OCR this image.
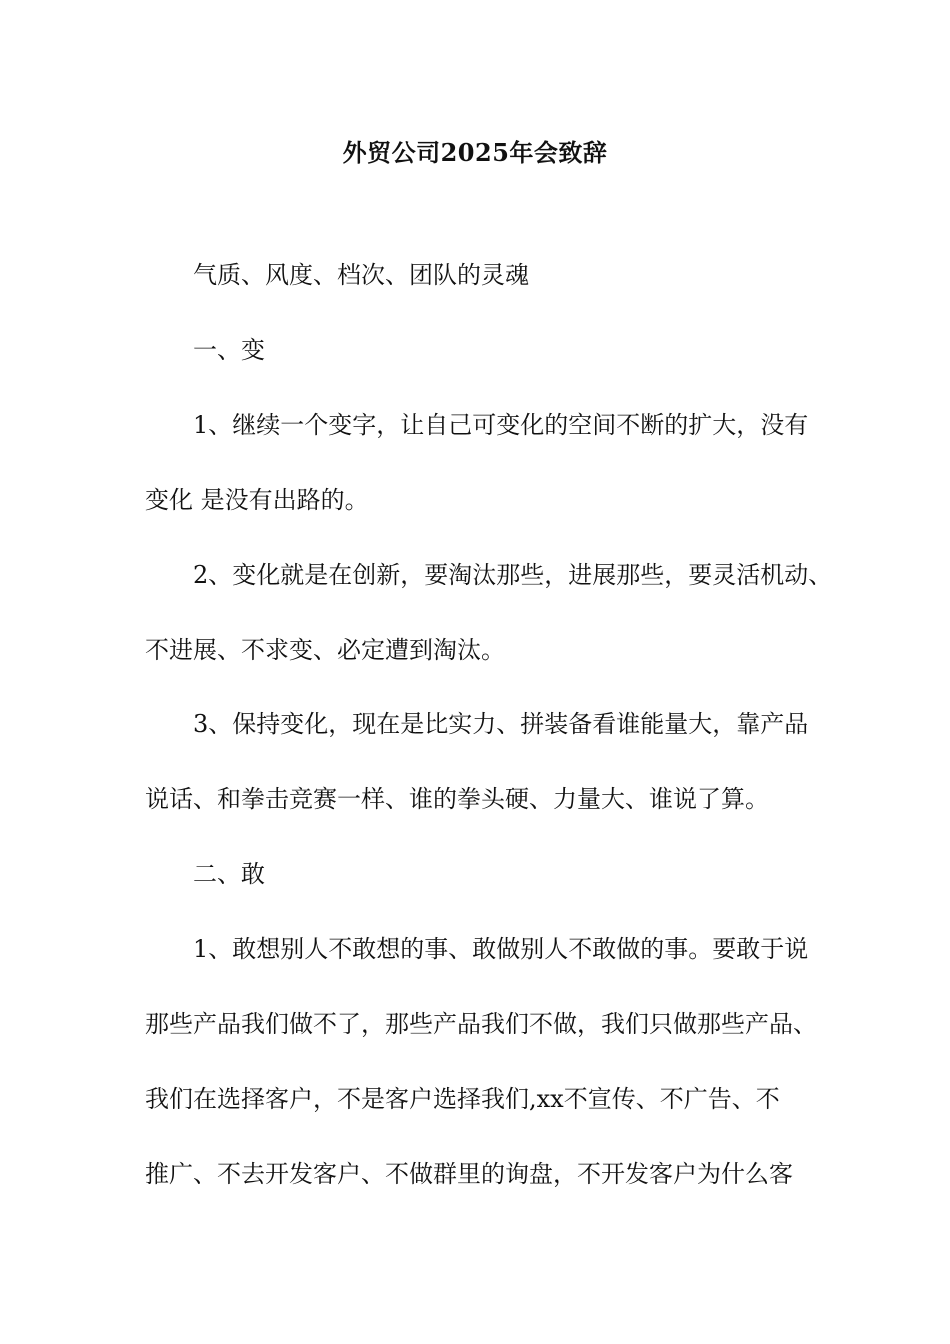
外贸公司2025年会致辞
气质、风度、档次、团队的灵魂
一、变
1、继续一个变字，让自己可变化的空间不断的扩大，没有
变化 是没有出路的。
2、变化就是在创新，要淘汰那些，进展那些，要灵活机动、
不进展、不求变、必定遭到淘汰。
3、保持变化，现在是比实力、拼装备看谁能量大，靠产品
说话、和拳击竞赛一样、谁的拳头硬、力量大、谁说了算。
二、敢
1、敢想别人不敢想的事、敢做别人不敢做的事。要敢于说
那些产品我们做不了，那些产品我们不做，我们只做那些产品、
我们在选择客户，不是客户选择我们,xx不宣传、不广告、不
推广、不去开发客户、不做群里的询盘，不开发客户为什么客
